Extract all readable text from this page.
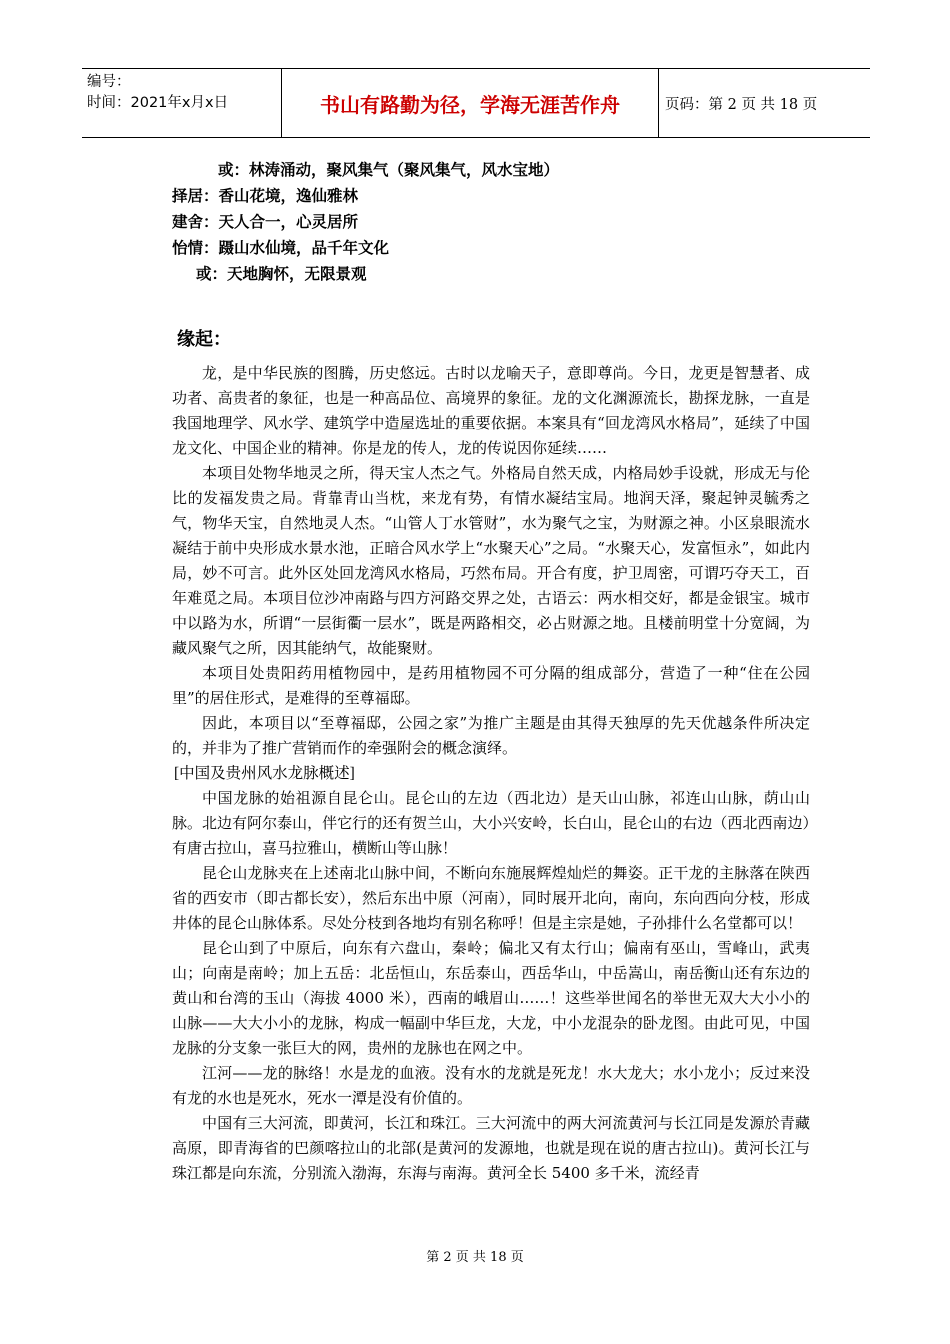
编号：
时间：2021年x月x日	书山有路勤为径，学海无涯苦作舟	页码：第 2 页 共 18 页
或：林涛涌动，聚风集气（聚风集气，风水宝地）
择居：香山花境，逸仙雅林
建舍：天人合一，心灵居所
怡情：蹑山水仙境，品千年文化
或：天地胸怀，无限景观
缘起：

龙，是中华民族的图腾，历史悠远。古时以龙喻天子，意即尊尚。今日，龙更是智慧者、成功者、高贵者的象征，也是一种高品位、高境界的象征。龙的文化渊源流长，勘探龙脉，一直是我国地理学、风水学、建筑学中造屋选址的重要依据。本案具有“回龙湾风水格局”，延续了中国龙文化、中国企业的精神。你是龙的传人，龙的传说因你延续……

本项目处物华地灵之所，得天宝人杰之气。外格局自然天成，内格局妙手设就，形成无与伦比的发福发贵之局。背靠青山当枕，来龙有势，有情水凝结宝局。地润天泽，聚起钟灵毓秀之气，物华天宝，自然地灵人杰。“山管人丁水管财”，水为聚气之宝，为财源之神。小区泉眼流水凝结于前中央形成水景水池，正暗合风水学上“水聚天心”之局。“水聚天心，发富恒永”，如此内局，妙不可言。此外区处回龙湾风水格局，巧然布局。开合有度，护卫周密，可谓巧夺天工，百年难觅之局。本项目位沙冲南路与四方河路交界之处，古语云：两水相交好，都是金银宝。城市中以路为水，所谓“一层街衢一层水”，既是两路相交，必占财源之地。且楼前明堂十分宽阔，为藏风聚气之所，因其能纳气，故能聚财。

本项目处贵阳药用植物园中，是药用植物园不可分隔的组成部分，营造了一种“住在公园里”的居住形式，是难得的至尊福邸。

因此，本项目以“至尊福邸，公园之家”为推广主题是由其得天独厚的先天优越条件所决定的，并非为了推广营销而作的牵强附会的概念演绎。

[中国及贵州风水龙脉概述]

中国龙脉的始祖源自昆仑山。昆仑山的左边（西北边）是天山山脉，祁连山山脉，荫山山脉。北边有阿尔泰山，伴它行的还有贺兰山，大小兴安岭，长白山，昆仑山的右边（西北西南边）有唐古拉山，喜马拉雅山，横断山等山脉！

昆仑山龙脉夹在上述南北山脉中间，不断向东施展辉煌灿烂的舞姿。正干龙的主脉落在陕西省的西安市（即古都长安），然后东出中原（河南），同时展开北向，南向，东向西向分枝，形成井体的昆仑山脉体系。尽处分枝到各地均有别名称呼！但是主宗是她，子孙排什么名堂都可以！

昆仑山到了中原后，向东有六盘山，秦岭；偏北又有太行山；偏南有巫山，雪峰山，武夷山；向南是南岭；加上五岳：北岳恒山，东岳泰山，西岳华山，中岳嵩山，南岳衡山还有东边的黄山和台湾的玉山（海拔 4000 米），西南的峨眉山……！这些举世闻名的举世无双大大小小的山脉——大大小小的龙脉，构成一幅副中华巨龙，大龙，中小龙混杂的卧龙图。由此可见，中国龙脉的分支象一张巨大的网，贵州的龙脉也在网之中。

江河——龙的脉络！水是龙的血液。没有水的龙就是死龙！水大龙大；水小龙小；反过来没有龙的水也是死水，死水一潭是没有价值的。

中国有三大河流，即黄河，长江和珠江。三大河流中的两大河流黄河与长江同是发源於青藏高原，即青海省的巴颜喀拉山的北部(是黄河的发源地，也就是现在说的唐古拉山)。黄河长江与珠江都是向东流，分别流入渤海，东海与南海。黄河全长 5400 多千米，流经青

第 2 页 共 18 页
